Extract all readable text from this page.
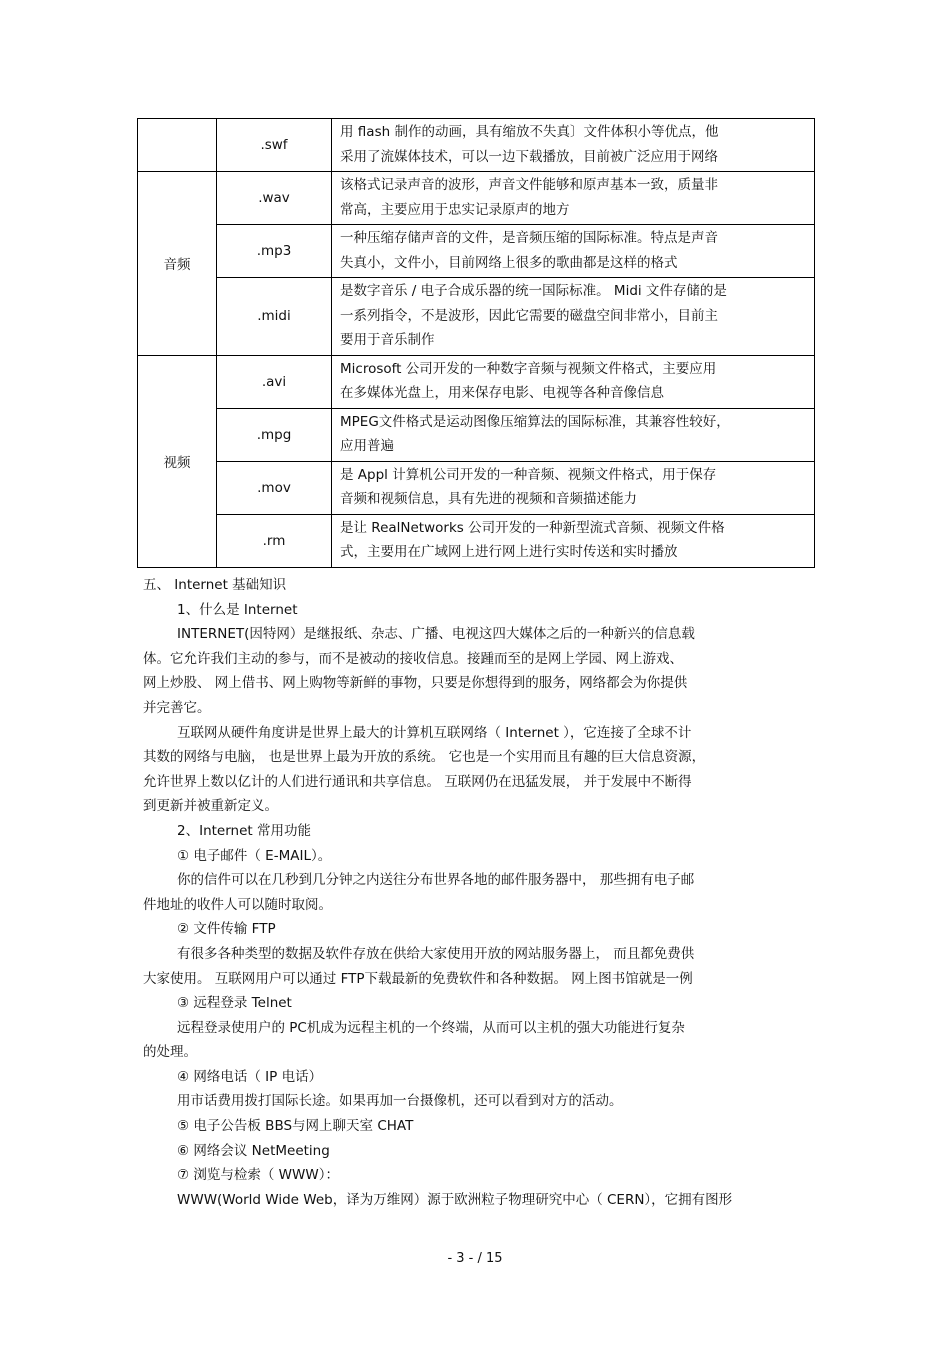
	.swf	用 flash 制作的动画，具有缩放不失真〕文件体积小等优点，他
采用了流媒体技术，可以一边下载播放，目前被广泛应用于网络

音频	.wav	该格式记录声音的波形，声音文件能够和原声基本一致，质量非
常高，主要应用于忠实记录原声的地方

	.mp3	一种压缩存储声音的文件，是音频压缩的国际标准。特点是声音
失真小，文件小，目前网络上很多的歌曲都是这样的格式

	.midi	是数字音乐 / 电子合成乐器的统一国际标准。 Midi 文件存储的是
一系列指令，不是波形，因此它需要的磁盘空间非常小，目前主
要用于音乐制作

视频	.avi	Microsoft 公司开发的一种数字音频与视频文件格式，主要应用
在多媒体光盘上，用来保存电影、电视等各种音像信息

	.mpg	MPEG文件格式是运动图像压缩算法的国际标准，其兼容性较好，
应用普遍

	.mov	是 Appl 计算机公司开发的一种音频、视频文件格式，用于保存
音频和视频信息，具有先进的视频和音频描述能力

	.rm	是让 RealNetworks 公司开发的一种新型流式音频、视频文件格
式，主要用在广域网上进行网上进行实时传送和实时播放

五、 Internet 基础知识

1、什么是 Internet

INTERNET(因特网）是继报纸、杂志、广播、电视这四大媒体之后的一种新兴的信息载

体。它允许我们主动的参与，而不是被动的接收信息。接踵而至的是网上学园、网上游戏、

网上炒股、 网上借书、网上购物等新鲜的事物，只要是你想得到的服务，网络都会为你提供

并完善它。

互联网从硬件角度讲是世界上最大的计算机互联网络（ Internet ），它连接了全球不计

其数的网络与电脑， 也是世界上最为开放的系统。 它也是一个实用而且有趣的巨大信息资源，

允许世界上数以亿计的人们进行通讯和共享信息。 互联网仍在迅猛发展， 并于发展中不断得

到更新并被重新定义。

2、Internet 常用功能

① 电子邮件（ E-MAIL）。

你的信件可以在几秒到几分钟之内送往分布世界各地的邮件服务器中， 那些拥有电子邮

件地址的收件人可以随时取阅。

② 文件传输 FTP

有很多各种类型的数据及软件存放在供给大家使用开放的网站服务器上， 而且都免费供

大家使用。 互联网用户可以通过 FTP下载最新的免费软件和各种数据。 网上图书馆就是一例

③ 远程登录 Telnet

远程登录使用户的 PC机成为远程主机的一个终端，从而可以主机的强大功能进行复杂

的处理。

④ 网络电话（ IP 电话）

用市话费用拨打国际长途。如果再加一台摄像机，还可以看到对方的活动。

⑤ 电子公告板 BBS与网上聊天室 CHAT

⑥ 网络会议 NetMeeting

⑦ 浏览与检索（ WWW）：

WWW(World Wide Web，译为万维网）源于欧洲粒子物理研究中心（ CERN），它拥有图形

- 3 - / 15
